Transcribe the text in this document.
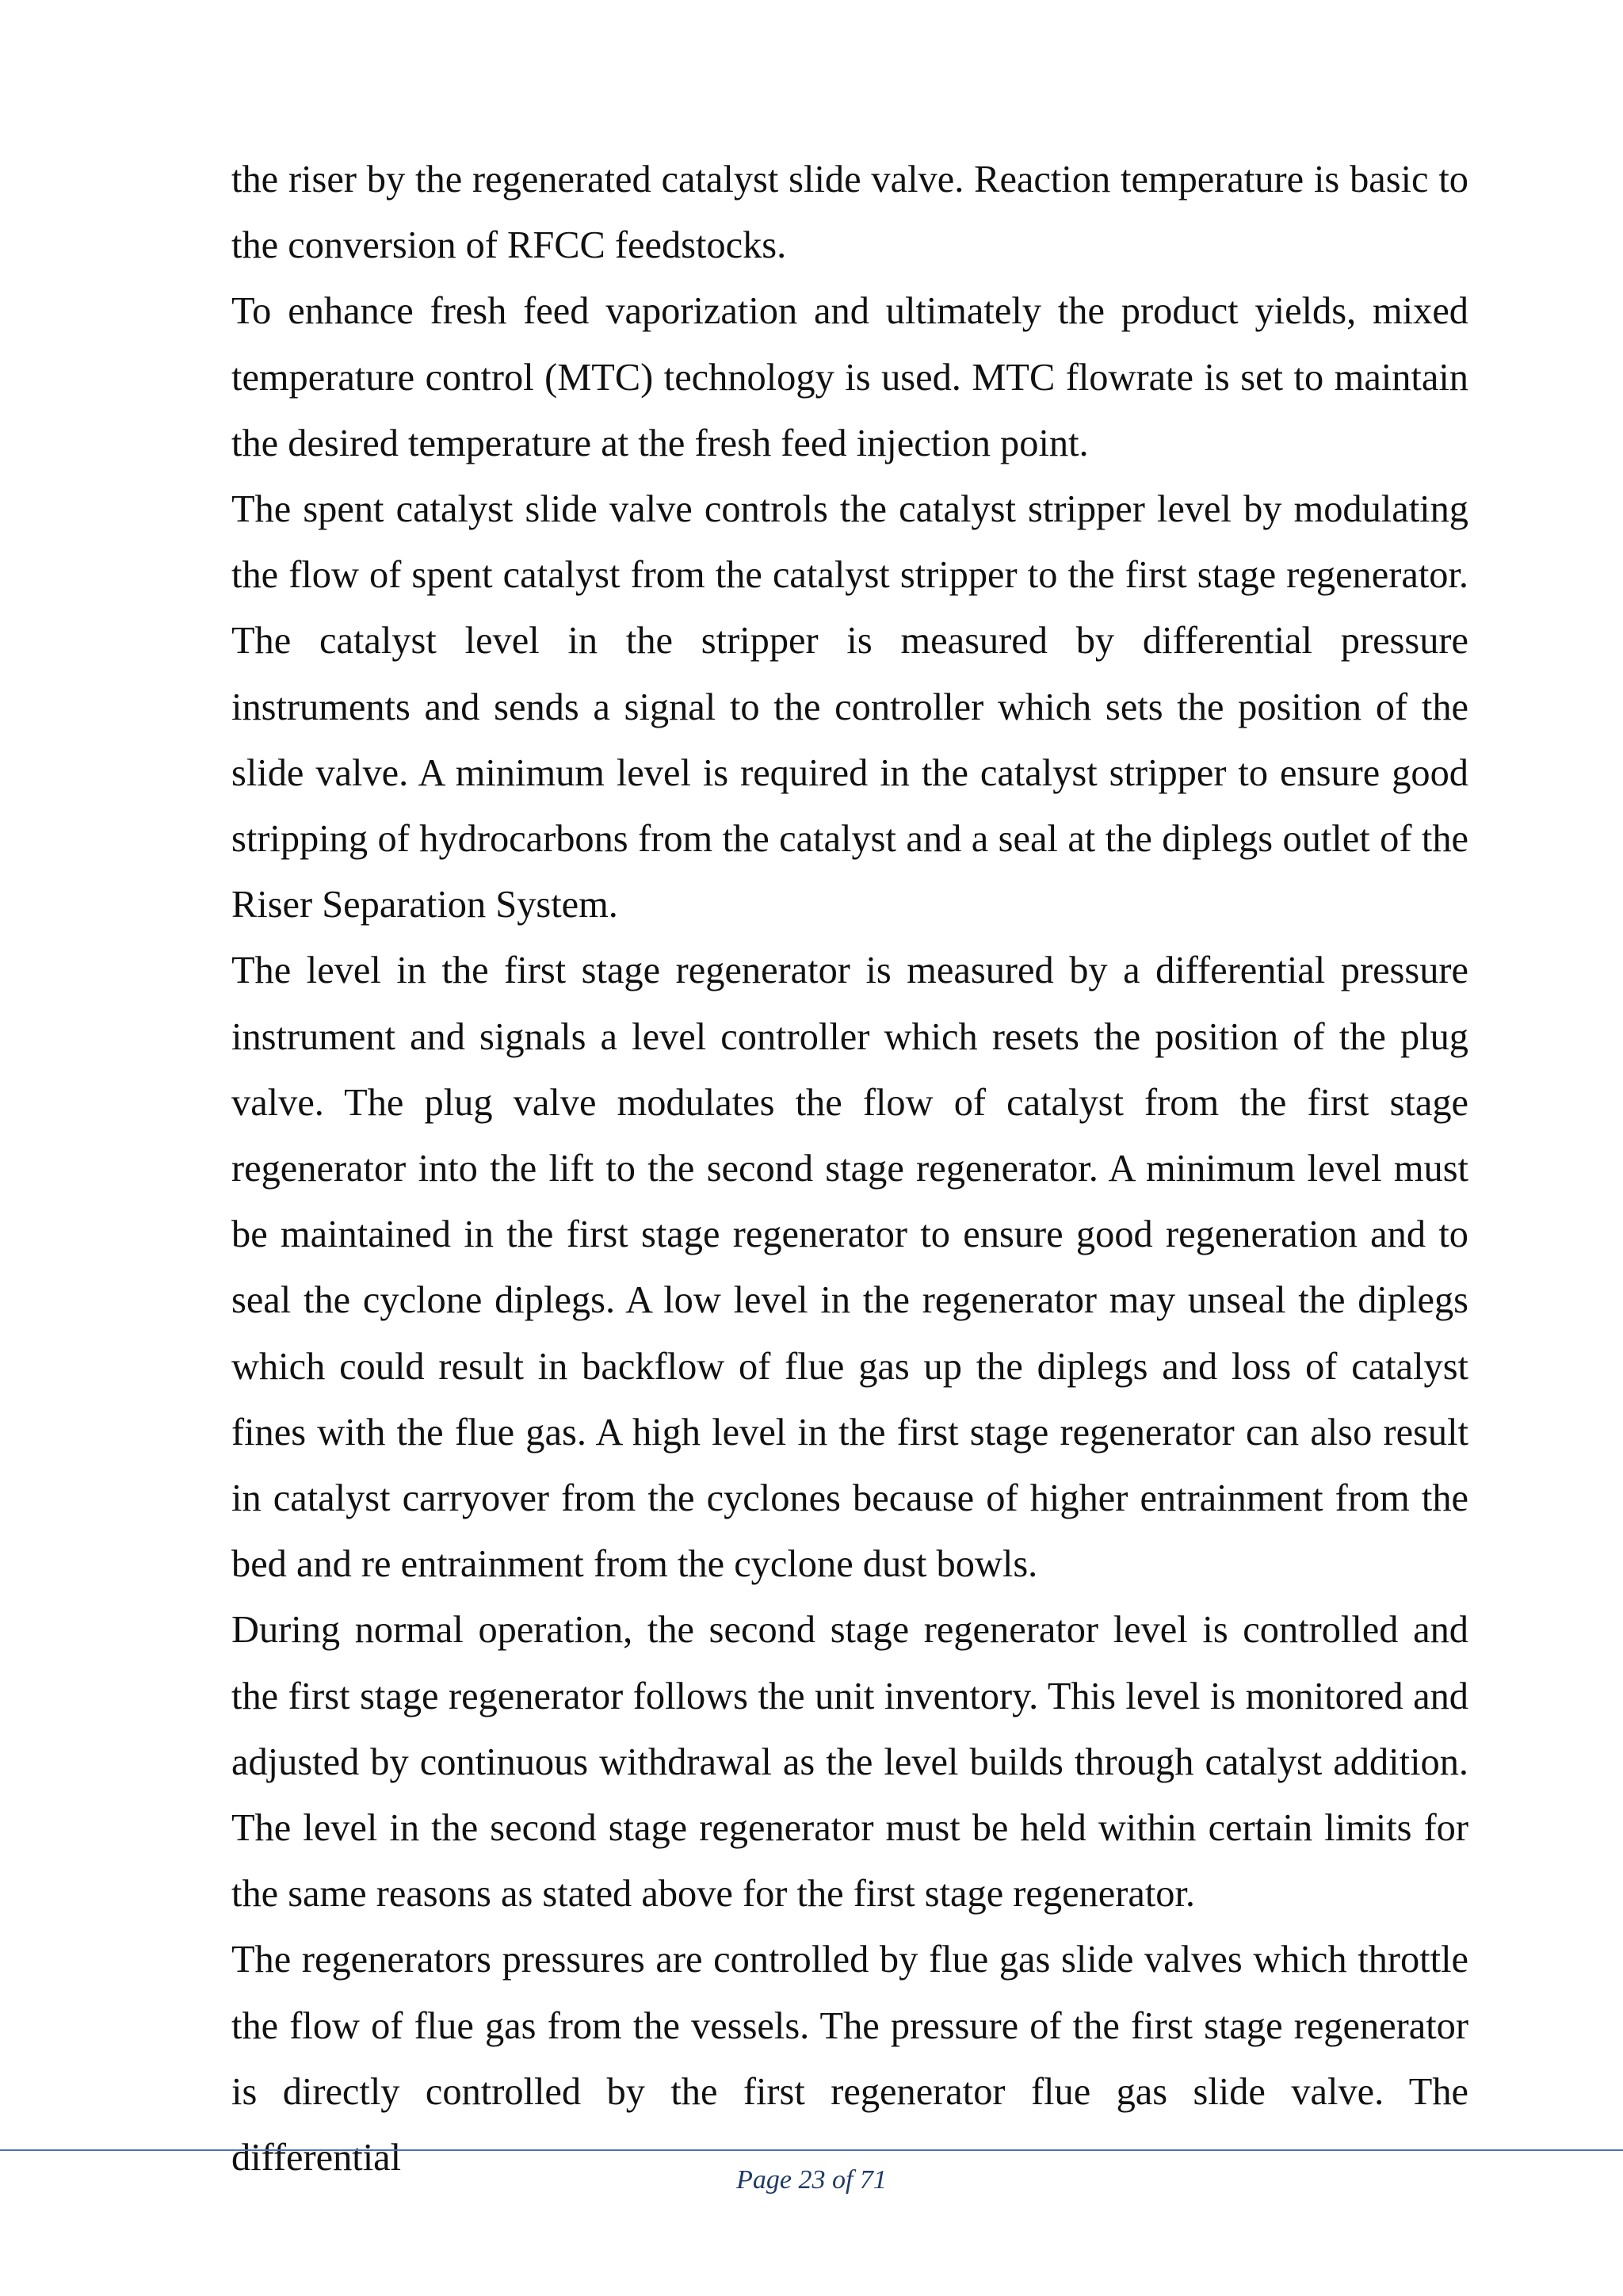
the riser by the regenerated catalyst slide valve. Reaction temperature is basic to the conversion of RFCC feedstocks.

To enhance fresh feed vaporization and ultimately the product yields, mixed temperature control (MTC) technology is used. MTC flowrate is set to maintain the desired temperature at the fresh feed injection point.

The spent catalyst slide valve controls the catalyst stripper level by modulating the flow of spent catalyst from the catalyst stripper to the first stage regenerator. The catalyst level in the stripper is measured by differential pressure instruments and sends a signal to the controller which sets the position of the slide valve. A minimum level is required in the catalyst stripper to ensure good stripping of hydrocarbons from the catalyst and a seal at the diplegs outlet of the Riser Separation System.

The level in the first stage regenerator is measured by a differential pressure instrument and signals a level controller which resets the position of the plug valve. The plug valve modulates the flow of catalyst from the first stage regenerator into the lift to the second stage regenerator. A minimum level must be maintained in the first stage regenerator to ensure good regeneration and to seal the cyclone diplegs. A low level in the regenerator may unseal the diplegs which could result in backflow of flue gas up the diplegs and loss of catalyst fines with the flue gas. A high level in the first stage regenerator can also result in catalyst carryover from the cyclones because of higher entrainment from the bed and re entrainment from the cyclone dust bowls.

During normal operation, the second stage regenerator level is controlled and the first stage regenerator follows the unit inventory. This level is monitored and adjusted by continuous withdrawal as the level builds through catalyst addition. The level in the second stage regenerator must be held within certain limits for the same reasons as stated above for the first stage regenerator.

The regenerators pressures are controlled by flue gas slide valves which throttle the flow of flue gas from the vessels. The pressure of the first stage regenerator is directly controlled by the first regenerator flue gas slide valve. The differential

Page 23 of 71
